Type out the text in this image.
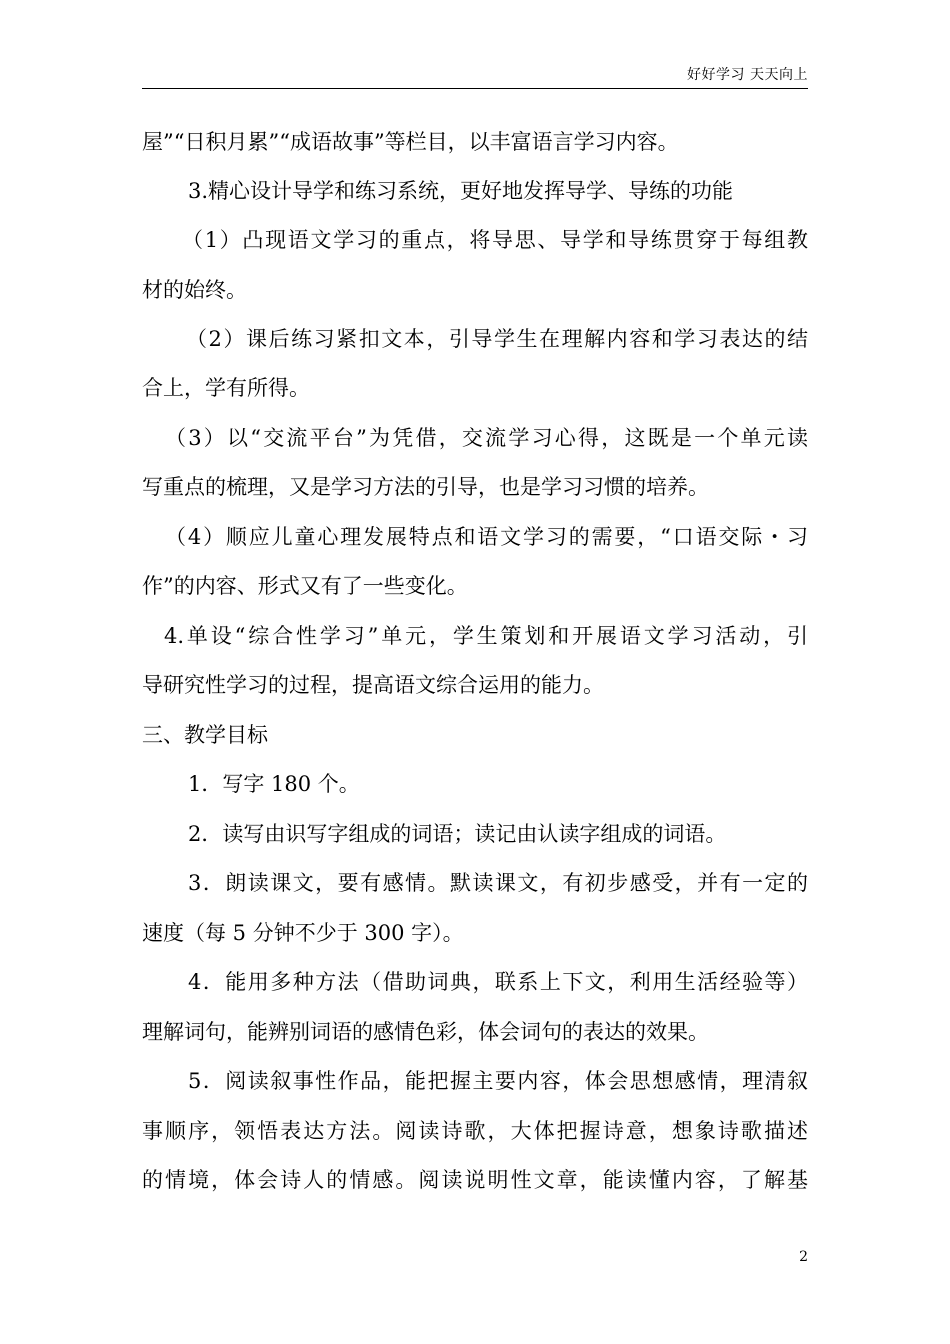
好好学习 天天向上
屋”“日积月累”“成语故事”等栏目，以丰富语言学习内容。
3.精心设计导学和练习系统，更好地发挥导学、导练的功能
（1）凸现语文学习的重点，将导思、导学和导练贯穿于每组教
材的始终。
（2）课后练习紧扣文本，引导学生在理解内容和学习表达的结
合上，学有所得。
（3）以“交流平台”为凭借，交流学习心得，这既是一个单元读
写重点的梳理，又是学习方法的引导，也是学习习惯的培养。
（4）顺应儿童心理发展特点和语文学习的需要，“口语交际・习
作”的内容、形式又有了一些变化。
4.单设“综合性学习”单元，学生策划和开展语文学习活动，引
导研究性学习的过程，提高语文综合运用的能力。
三、教学目标
1．写字 180 个。
2．读写由识写字组成的词语；读记由认读字组成的词语。
3．朗读课文，要有感情。默读课文，有初步感受，并有一定的
速度（每 5 分钟不少于 300 字）。
4．能用多种方法（借助词典，联系上下文，利用生活经验等）
理解词句，能辨别词语的感情色彩，体会词句的表达的效果。
5．阅读叙事性作品，能把握主要内容，体会思想感情，理清叙
事顺序，领悟表达方法。阅读诗歌，大体把握诗意，想象诗歌描述
的情境，体会诗人的情感。阅读说明性文章，能读懂内容，了解基
2
